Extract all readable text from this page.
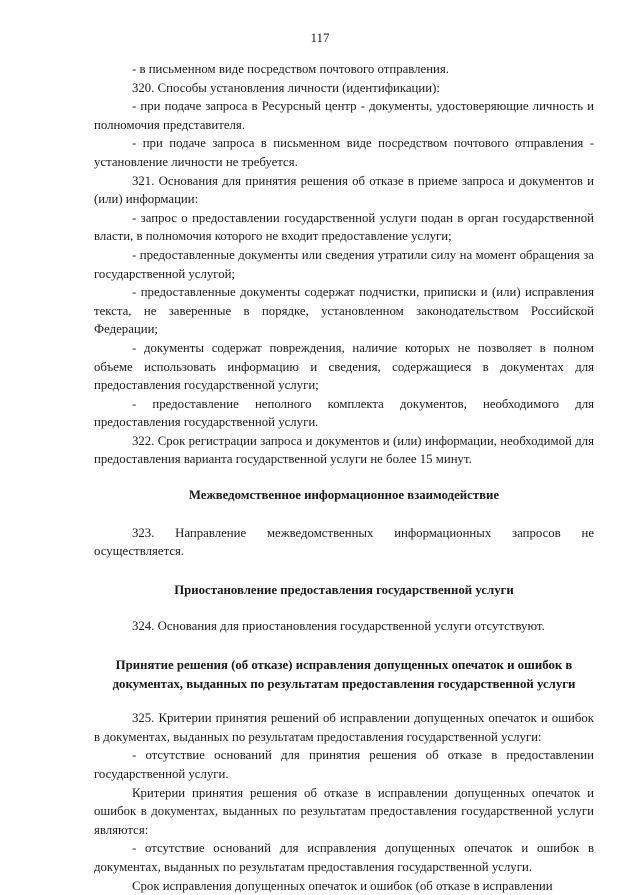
117

- в письменном виде посредством почтового отправления.

320. Способы установления личности (идентификации):

- при подаче запроса в Ресурсный центр - документы, удостоверяющие личность и полномочия представителя.

- при подаче запроса в письменном виде посредством почтового отправления - установление личности не требуется.

321. Основания для принятия решения об отказе в приеме запроса и документов и (или) информации:

- запрос о предоставлении государственной услуги подан в орган государственной власти, в полномочия которого не входит предоставление услуги;

- предоставленные документы или сведения утратили силу на момент обращения за государственной услугой;

- предоставленные документы содержат подчистки, приписки и (или) исправления текста, не заверенные в порядке, установленном законодательством Российской Федерации;

- документы содержат повреждения, наличие которых не позволяет в полном объеме использовать информацию и сведения, содержащиеся в документах для предоставления государственной услуги;

- предоставление неполного комплекта документов, необходимого для предоставления государственной услуги.

322. Срок регистрации запроса и документов и (или) информации, необходимой для предоставления варианта государственной услуги не более 15 минут.

Межведомственное информационное взаимодействие

323. Направление межведомственных информационных запросов не осуществляется.

Приостановление предоставления государственной услуги

324. Основания для приостановления государственной услуги отсутствуют.

Принятие решения (об отказе) исправления допущенных опечаток и ошибок в
документах, выданных по результатам предоставления государственной услуги

325. Критерии принятия решений об исправлении допущенных опечаток и ошибок в документах, выданных по результатам предоставления государственной услуги:

- отсутствие оснований для принятия решения об отказе в предоставлении государственной услуги.

Критерии принятия решения об отказе в исправлении допущенных опечаток и ошибок в документах, выданных по результатам предоставления государственной услуги являются:

- отсутствие оснований для исправления допущенных опечаток и ошибок в документах, выданных по результатам предоставления государственной услуги.

Срок исправления допущенных опечаток и ошибок (об отказе в исправлении
